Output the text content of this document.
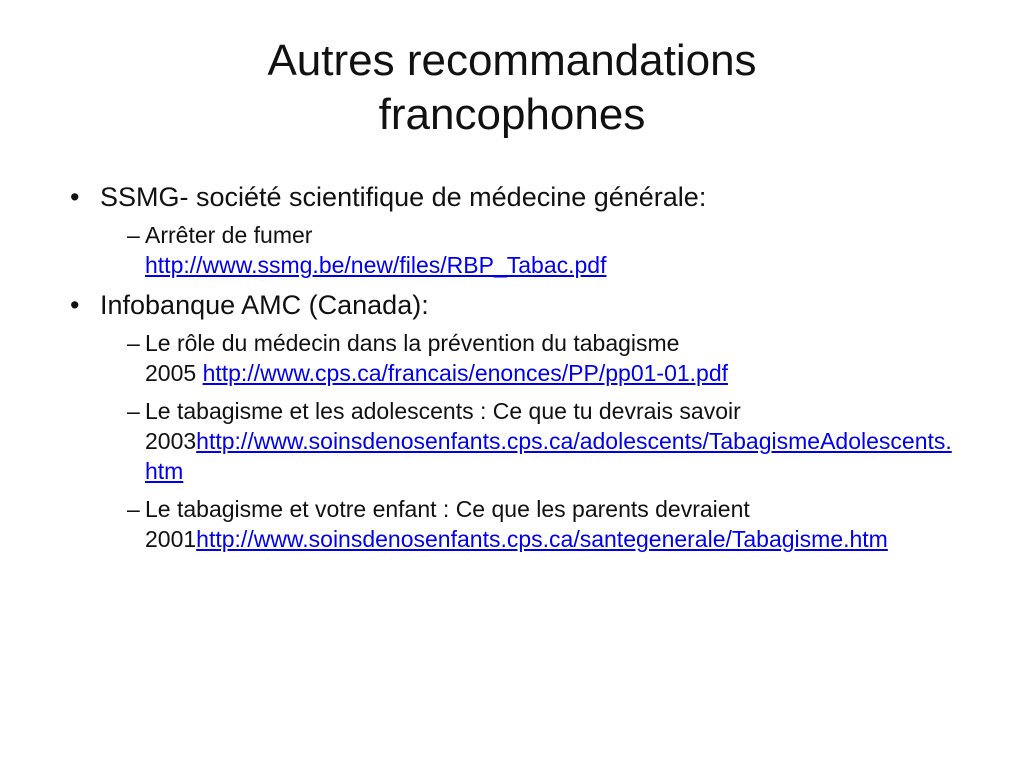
Autres recommandations
francophones
• SSMG- société scientifique de médecine générale:
– Arrêter de fumer
http://www.ssmg.be/new/files/RBP_Tabac.pdf
• Infobanque AMC (Canada):
– Le rôle du médecin dans la prévention du tabagisme
2005 http://www.cps.ca/francais/enonces/PP/pp01-01.pdf
– Le tabagisme et les adolescents : Ce que tu devrais savoir
2003http://www.soinsdenosenfants.cps.ca/adolescents/TabagismeAdolescents.htm
– Le tabagisme et votre enfant : Ce que les parents devraient
2001http://www.soinsdenosenfants.cps.ca/santegenerale/Tabagisme.htm
